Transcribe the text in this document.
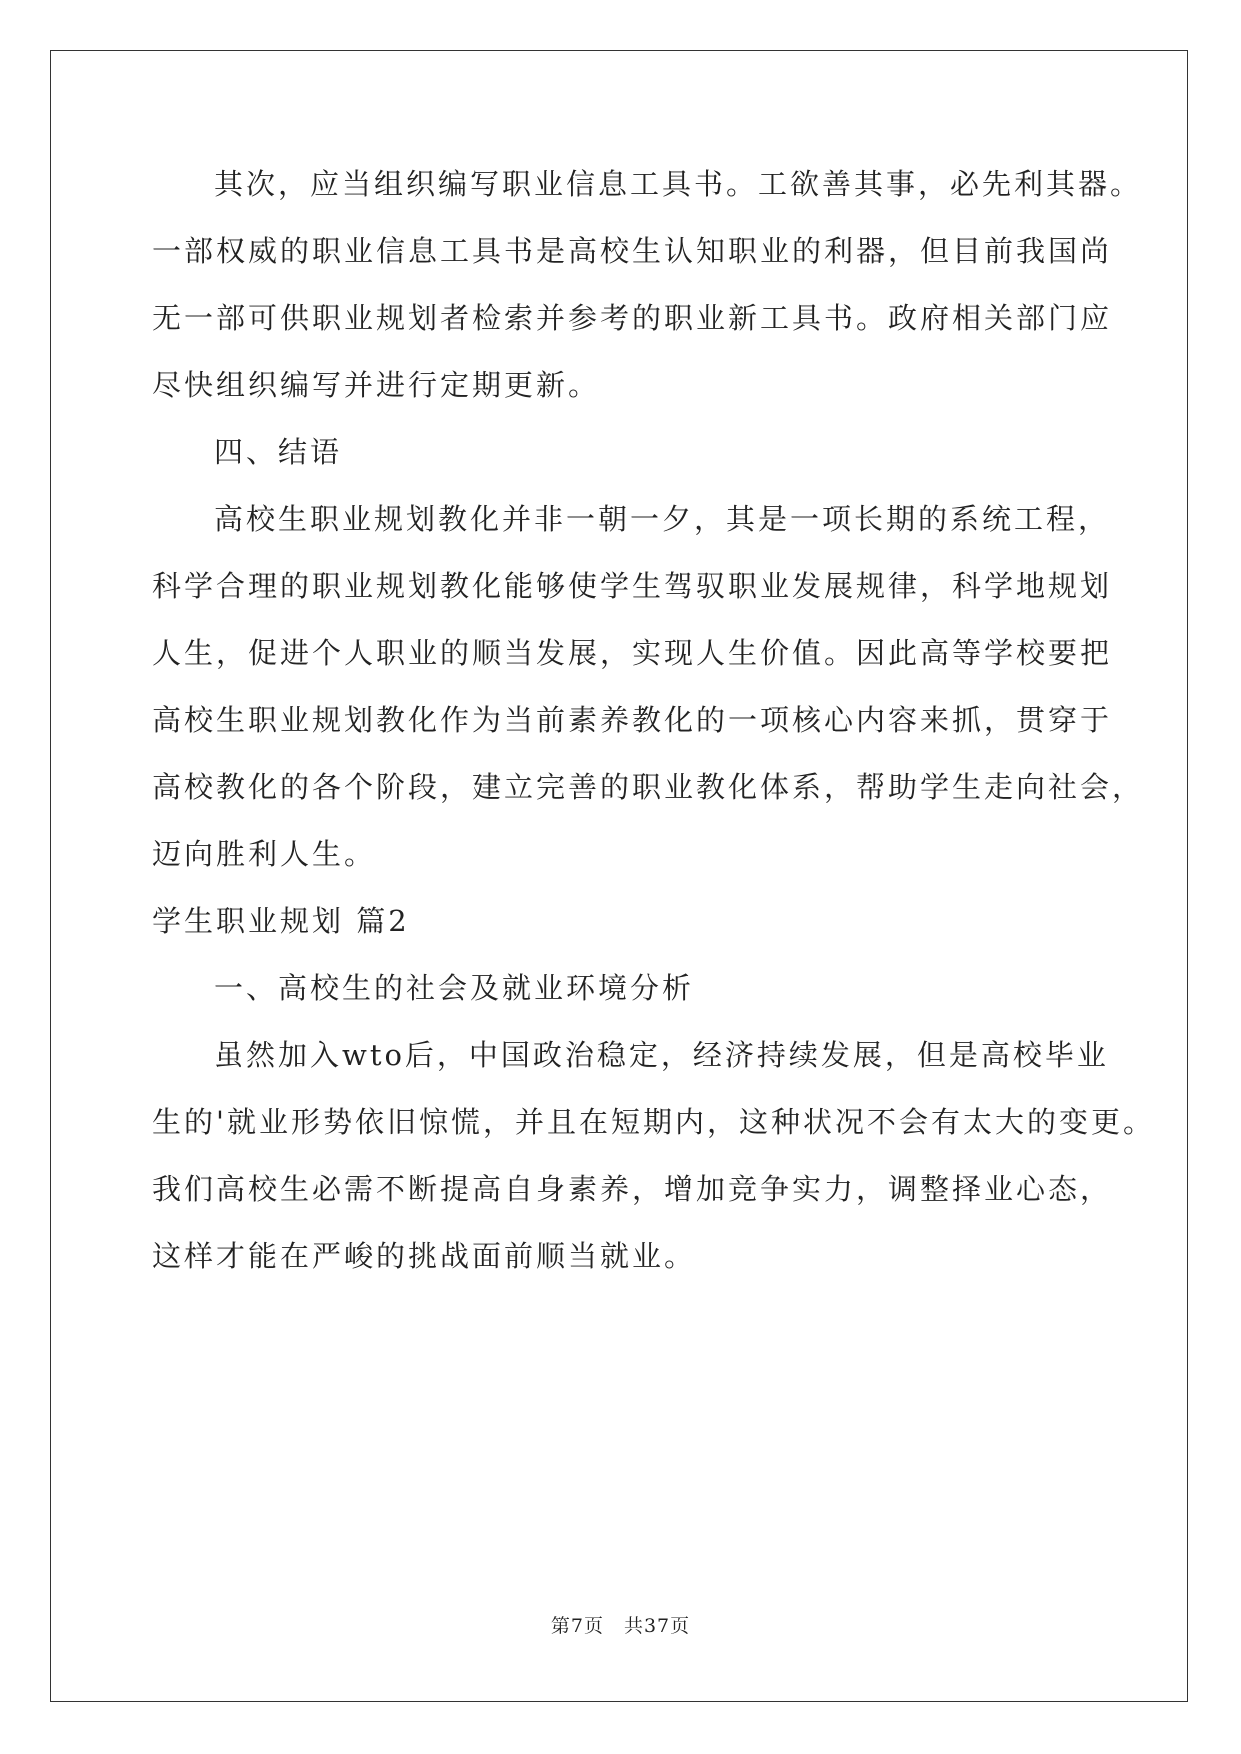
其次，应当组织编写职业信息工具书。工欲善其事，必先利其器。
一部权威的职业信息工具书是高校生认知职业的利器，但目前我国尚
无一部可供职业规划者检索并参考的职业新工具书。政府相关部门应
尽快组织编写并进行定期更新。
四、结语
高校生职业规划教化并非一朝一夕，其是一项长期的系统工程，
科学合理的职业规划教化能够使学生驾驭职业发展规律，科学地规划
人生，促进个人职业的顺当发展，实现人生价值。因此高等学校要把
高校生职业规划教化作为当前素养教化的一项核心内容来抓，贯穿于
高校教化的各个阶段，建立完善的职业教化体系，帮助学生走向社会，
迈向胜利人生。
学生职业规划 篇2
一、高校生的社会及就业环境分析
虽然加入wto后，中国政治稳定，经济持续发展，但是高校毕业
生的'就业形势依旧惊慌，并且在短期内，这种状况不会有太大的变更。
我们高校生必需不断提高自身素养，增加竞争实力，调整择业心态，
这样才能在严峻的挑战面前顺当就业。
第7页　共37页
